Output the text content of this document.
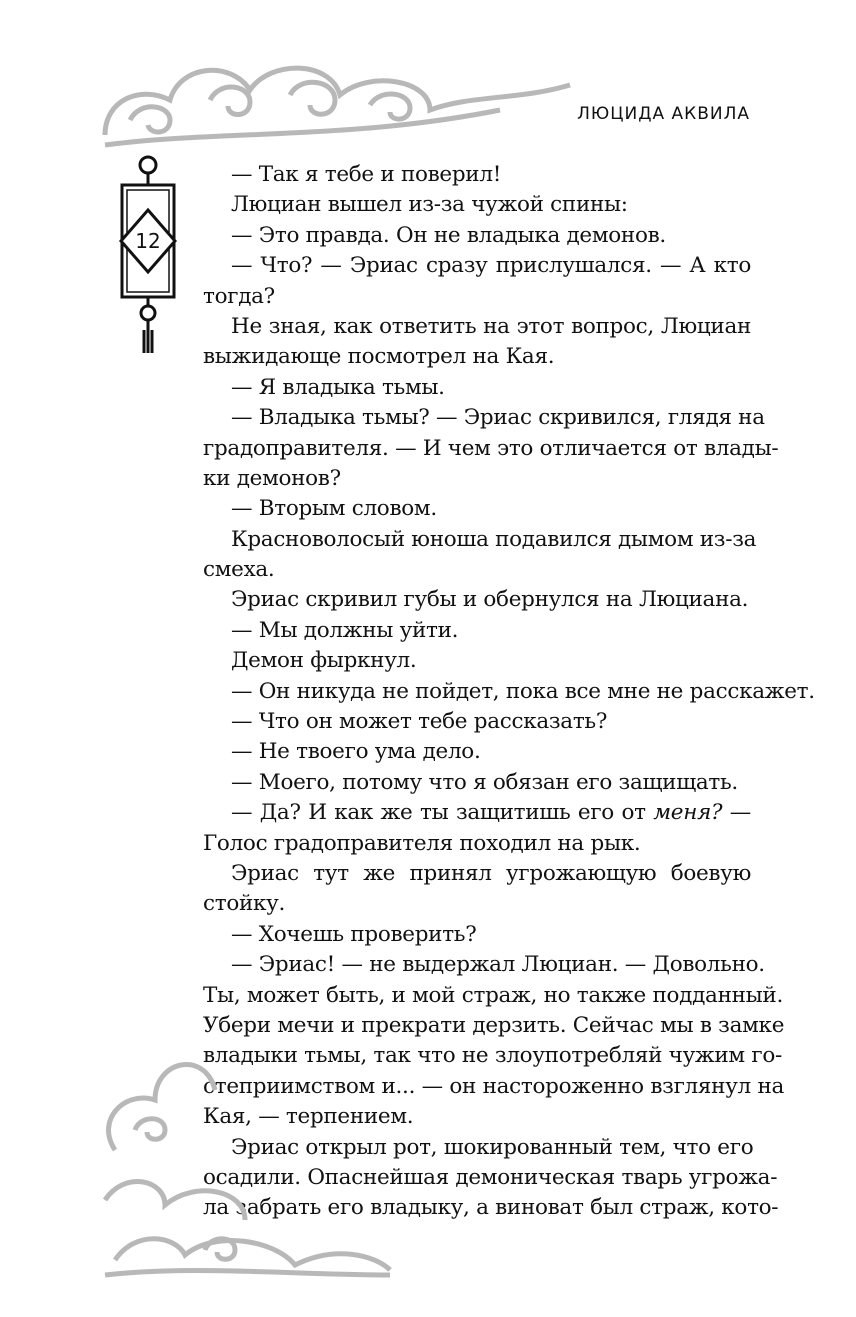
ЛЮЦИДА АКВИЛА
12
— Так я тебе и поверил!
Люциан вышел из-за чужой спины:
— Это правда. Он не владыка демонов.
— Что? — Эриас сразу прислушался. — А кто
тогда?
Не зная, как ответить на этот вопрос, Люциан
выжидающе посмотрел на Кая.
— Я владыка тьмы.
— Владыка тьмы? — Эриас скривился, глядя на
градоправителя. — И чем это отличается от влады-
ки демонов?
— Вторым словом.
Красноволосый юноша подавился дымом из-за
смеха.
Эриас скривил губы и обернулся на Люциана.
— Мы должны уйти.
Демон фыркнул.
— Он никуда не пойдет, пока все мне не расскажет.
— Что он может тебе рассказать?
— Не твоего ума дело.
— Моего, потому что я обязан его защищать.
— Да? И как же ты защитишь его от меня? —
Голос градоправителя походил на рык.
Эриас тут же принял угрожающую боевую
стойку.
— Хочешь проверить?
— Эриас! — не выдержал Люциан. — Довольно.
Ты, может быть, и мой страж, но также подданный.
Убери мечи и прекрати дерзить. Сейчас мы в замке
владыки тьмы, так что не злоупотребляй чужим го-
степриимством и... — он настороженно взглянул на
Кая, — терпением.
Эриас открыл рот, шокированный тем, что его
осадили. Опаснейшая демоническая тварь угрожа-
ла забрать его владыку, а виноват был страж, кото-
